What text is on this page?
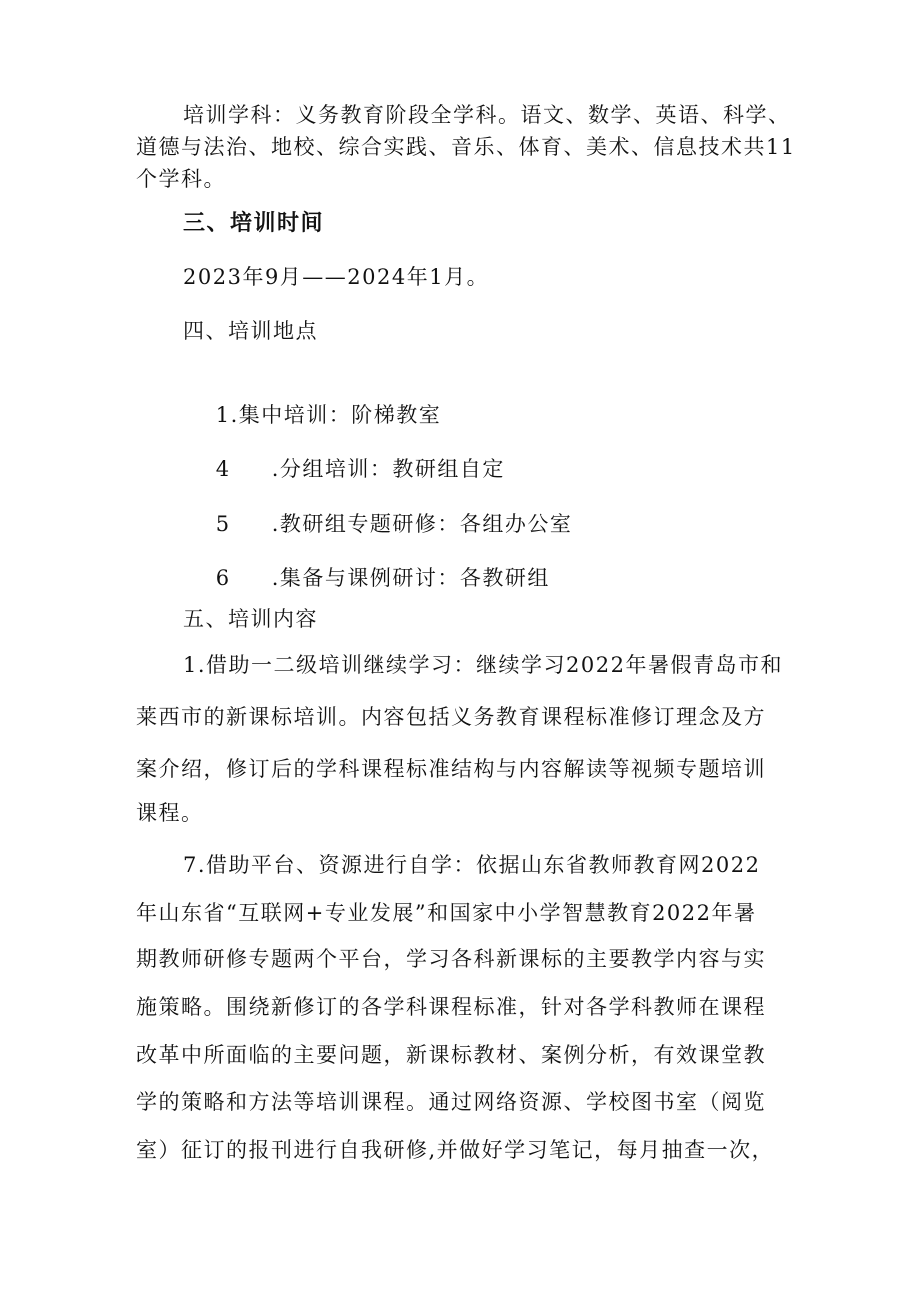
培训学科：义务教育阶段全学科。语文、数学、英语、科学、
道德与法治、地校、综合实践、音乐、体育、美术、信息技术共11
个学科。
三、培训时间
2023年9月——2024年1月。
四、培训地点

1.集中培训：阶梯教室

4 .分组培训：教研组自定

5 .教研组专题研修：各组办公室

6 .集备与课例研讨：各教研组

五、培训内容
1.借助一二级培训继续学习：继续学习2022年暑假青岛市和
莱西市的新课标培训。内容包括义务教育课程标准修订理念及方
案介绍，修订后的学科课程标准结构与内容解读等视频专题培训
课程。
7.借助平台、资源进行自学：依据山东省教师教育网2022
年山东省“互联网+专业发展”和国家中小学智慧教育2022年暑
期教师研修专题两个平台，学习各科新课标的主要教学内容与实
施策略。围绕新修订的各学科课程标准，针对各学科教师在课程
改革中所面临的主要问题，新课标教材、案例分析，有效课堂教
学的策略和方法等培训课程。通过网络资源、学校图书室（阅览
室）征订的报刊进行自我研修,并做好学习笔记，每月抽查一次，
